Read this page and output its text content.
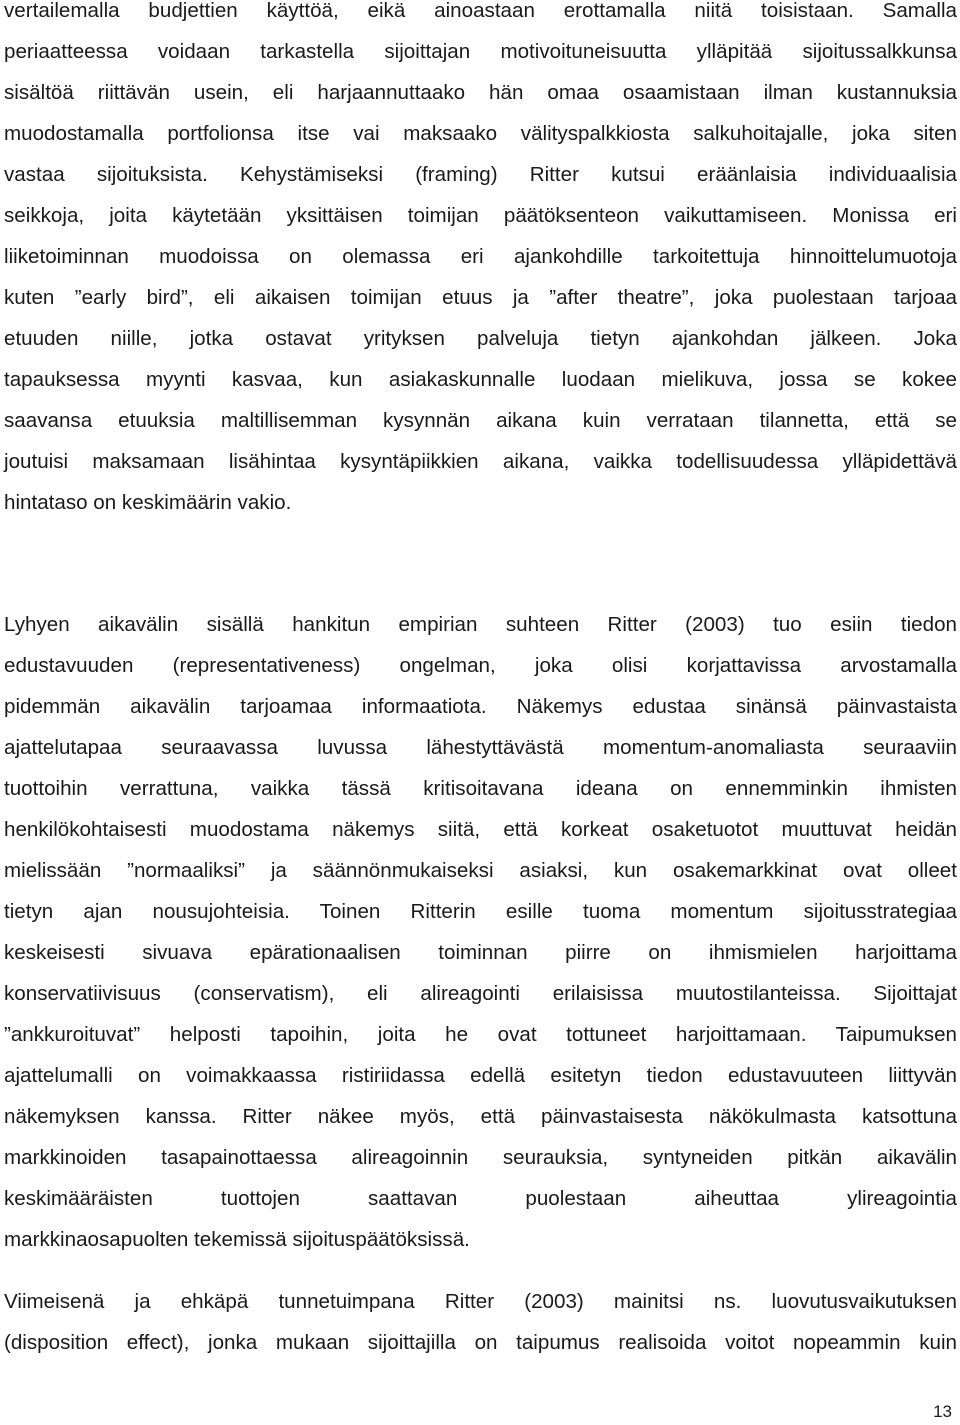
vertailemalla budjettien käyttöä, eikä ainoastaan erottamalla niitä toisistaan. Samalla
periaatteessa voidaan tarkastella sijoittajan motivoituneisuutta ylläpitää sijoitussalkkunsa
sisältöä riittävän usein, eli harjaannuttaako hän omaa osaamistaan ilman kustannuksia
muodostamalla portfolionsa itse vai maksaako välityspalkkiosta salkuhoitajalle, joka siten
vastaa sijoituksista. Kehystämiseksi (framing) Ritter kutsui eräänlaisia individuaalisia
seikkoja, joita käytetään yksittäisen toimijan päätöksenteon vaikuttamiseen. Monissa eri
liiketoiminnan muodoissa on olemassa eri ajankohdille tarkoitettuja hinnoittelumuotoja
kuten ”early bird”, eli aikaisen toimijan etuus ja ”after theatre”, joka puolestaan tarjoaa
etuuden niille, jotka ostavat yrityksen palveluja tietyn ajankohdan jälkeen. Joka
tapauksessa myynti kasvaa, kun asiakaskunnalle luodaan mielikuva, jossa se kokee
saavansa etuuksia maltillisemman kysynnän aikana kuin verrataan tilannetta, että se
joutuisi maksamaan lisähintaa kysyntäpiikkien aikana, vaikka todellisuudessa ylläpidettävä
hintataso on keskimäärin vakio.
Lyhyen aikavälin sisällä hankitun empirian suhteen Ritter (2003) tuo esiin tiedon
edustavuuden (representativeness) ongelman, joka olisi korjattavissa arvostamalla
pidemmän aikavälin tarjoamaa informaatiota. Näkemys edustaa sinänsä päinvastaista
ajattelutapaa seuraavassa luvussa lähestyttävästä momentum-anomaliasta seuraaviin
tuottoihin verrattuna, vaikka tässä kritisoitavana ideana on ennemminkin ihmisten
henkilökohtaisesti muodostama näkemys siitä, että korkeat osaketuotot muuttuvat heidän
mielissään ”normaaliksi” ja säännönmukaiseksi asiaksi, kun osakemarkkinat ovat olleet
tietyn ajan nousujohteisia. Toinen Ritterin esille tuoma momentum sijoitusstrategiaa
keskeisesti sivuava epärationaalisen toiminnan piirre on ihmismielen harjoittama
konservatiivisuus (conservatism), eli alireagointi erilaisissa muutostilanteissa. Sijoittajat
”ankkuroituvat” helposti tapoihin, joita he ovat tottuneet harjoittamaan. Taipumuksen
ajattelumalli on voimakkaassa ristiriidassa edellä esitetyn tiedon edustavuuteen liittyvän
näkemyksen kanssa. Ritter näkee myös, että päinvastaisesta näkökulmasta katsottuna
markkinoiden tasapainottaessa alireagoinnin seurauksia, syntyneiden pitkän aikavälin
keskimääräisten tuottojen saattavan puolestaan aiheuttaa ylireagointia
markkinaosapuolten tekemissä sijoituspäätöksissä.
Viimeisenä ja ehkäpä tunnetuimpana Ritter (2003) mainitsi ns. luovutusvaikutuksen
(disposition effect), jonka mukaan sijoittajilla on taipumus realisoida voitot nopeammin kuin
13
